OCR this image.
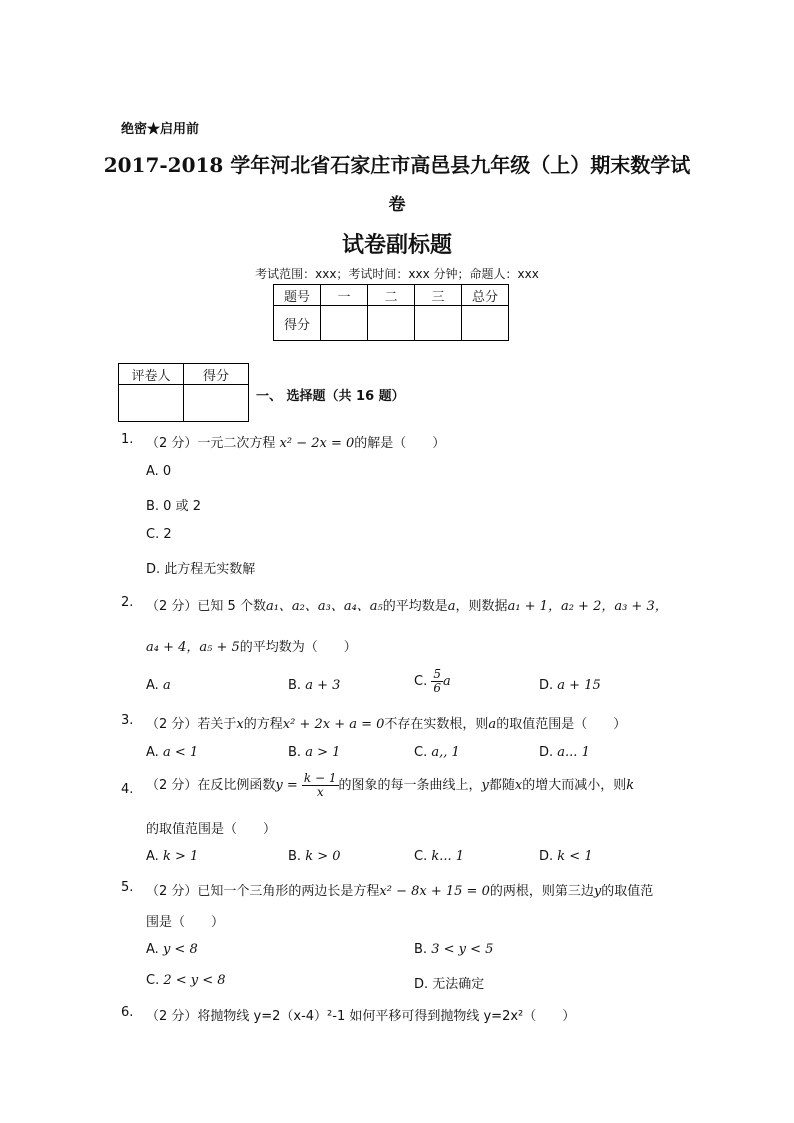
绝密★启用前
2017-2018 学年河北省石家庄市高邑县九年级（上）期末数学试
卷
试卷副标题
考试范围：xxx；考试时间：xxx 分钟；命题人：xxx
题号	一	二	三	总分
得分				
评卷人	得分

一、 选择题（共 16 题）
1. （2 分）一元二次方程 x² − 2x = 0的解是（　　）
A. 0
B. 0 或 2
C. 2
D. 此方程无实数解
2. （2 分）已知 5 个数a₁、a₂、a₃、a₄、a₅的平均数是a，则数据a₁ + 1，a₂ + 2，a₃ + 3，
a₄ + 4，a₅ + 5的平均数为（　　）
A. a	B. a + 3	C. $\frac{5}{6}$ a	D. a + 15
3. （2 分）若关于x的方程x² + 2x + a = 0不存在实数根，则a的取值范围是（　　）
A. a < 1	B. a > 1	C. a,, 1	D. a... 1
4. （2 分）在反比例函数$y = \frac{k - 1}{x}$ 的图象的每一条曲线上，y都随x的增大而减小，则k
的取值范围是（　　）
A. k > 1	B. k > 0	C. k... 1	D. k < 1
5. （2 分）已知一个三角形的两边长是方程x² − 8x + 15 = 0的两根，则第三边y的取值范
围是（　　）
A. y < 8	B. 3 < y < 5
C. 2 < y < 8	D. 无法确定
6. （2 分）将抛物线 y=2（x-4）²-1 如何平移可得到抛物线 y=2x²（　　）
